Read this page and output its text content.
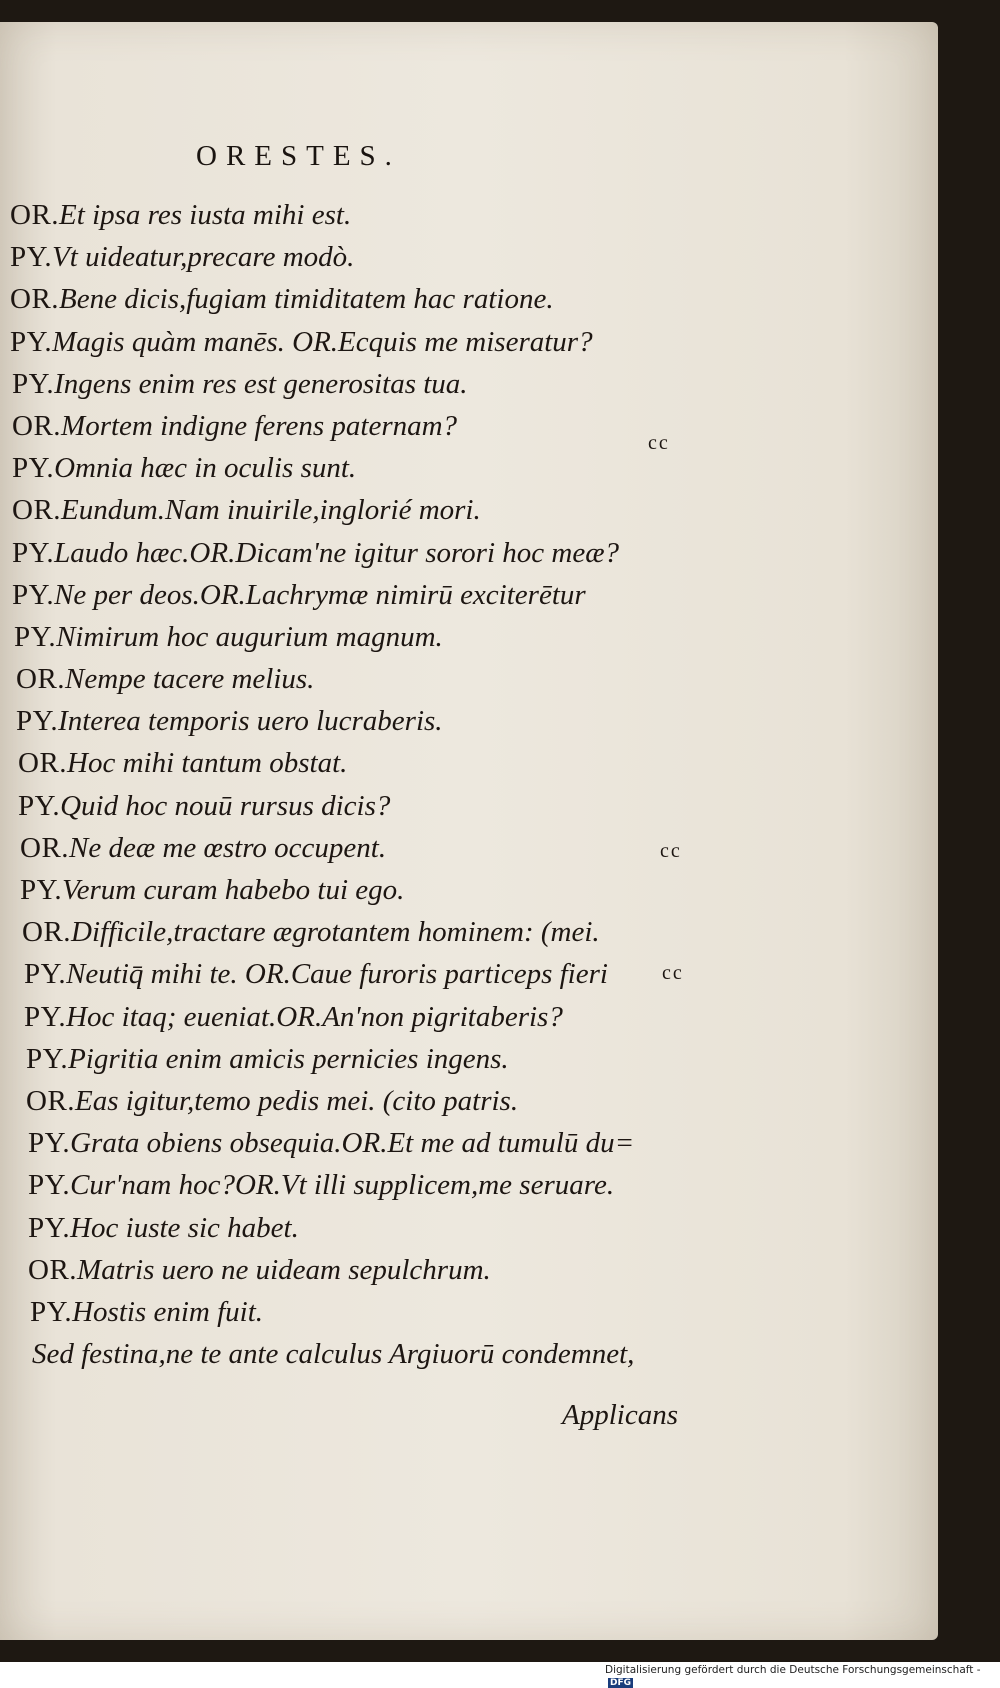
ORESTES.
OR.Et ipsa res iusta mihi est.
PY.Vt uideatur,precare modò.
OR.Bene dicis,fugiam timiditatem hac ratione.
PY.Magis quàm manēs. OR.Ecquis me miseratur?
PY.Ingens enim res est generositas tua.
OR.Mortem indigne ferens paternam?
PY.Omnia hæc in oculis sunt.
OR.Eundum.Nam inuirile,inglorié mori.
PY.Laudo hæc.OR.Dicam'ne igitur sorori hoc meæ?
PY.Ne per deos.OR.Lachrymæ nimirū exciterētur
PY.Nimirum hoc augurium magnum.
OR.Nempe tacere melius.
PY.Interea temporis uero lucraberis.
OR.Hoc mihi tantum obstat.
PY.Quid hoc nouū rursus dicis?
OR.Ne deæ me œstro occupent.
PY.Verum curam habebo tui ego.
OR.Difficile,tractare ægrotantem hominem: (mei.
PY.Neutiq̄ mihi te. OR.Caue furoris particeps fieri
PY.Hoc itaq; eueniat.OR.An'non pigritaberis?
PY.Pigritia enim amicis pernicies ingens.
OR.Eas igitur,temo pedis mei. (cito patris.
PY.Grata obiens obsequia.OR.Et me ad tumulū du=
PY.Cur'nam hoc?OR.Vt illi supplicem,me seruare.
PY.Hoc iuste sic habet.
OR.Matris uero ne uideam sepulchrum.
PY.Hostis enim fuit.
Sed festina,ne te ante calculus Argiuorū condemnet,
cc
cc
cc
Applicans
Digitalisierung gefördert durch die Deutsche Forschungsgemeinschaft -DFG
